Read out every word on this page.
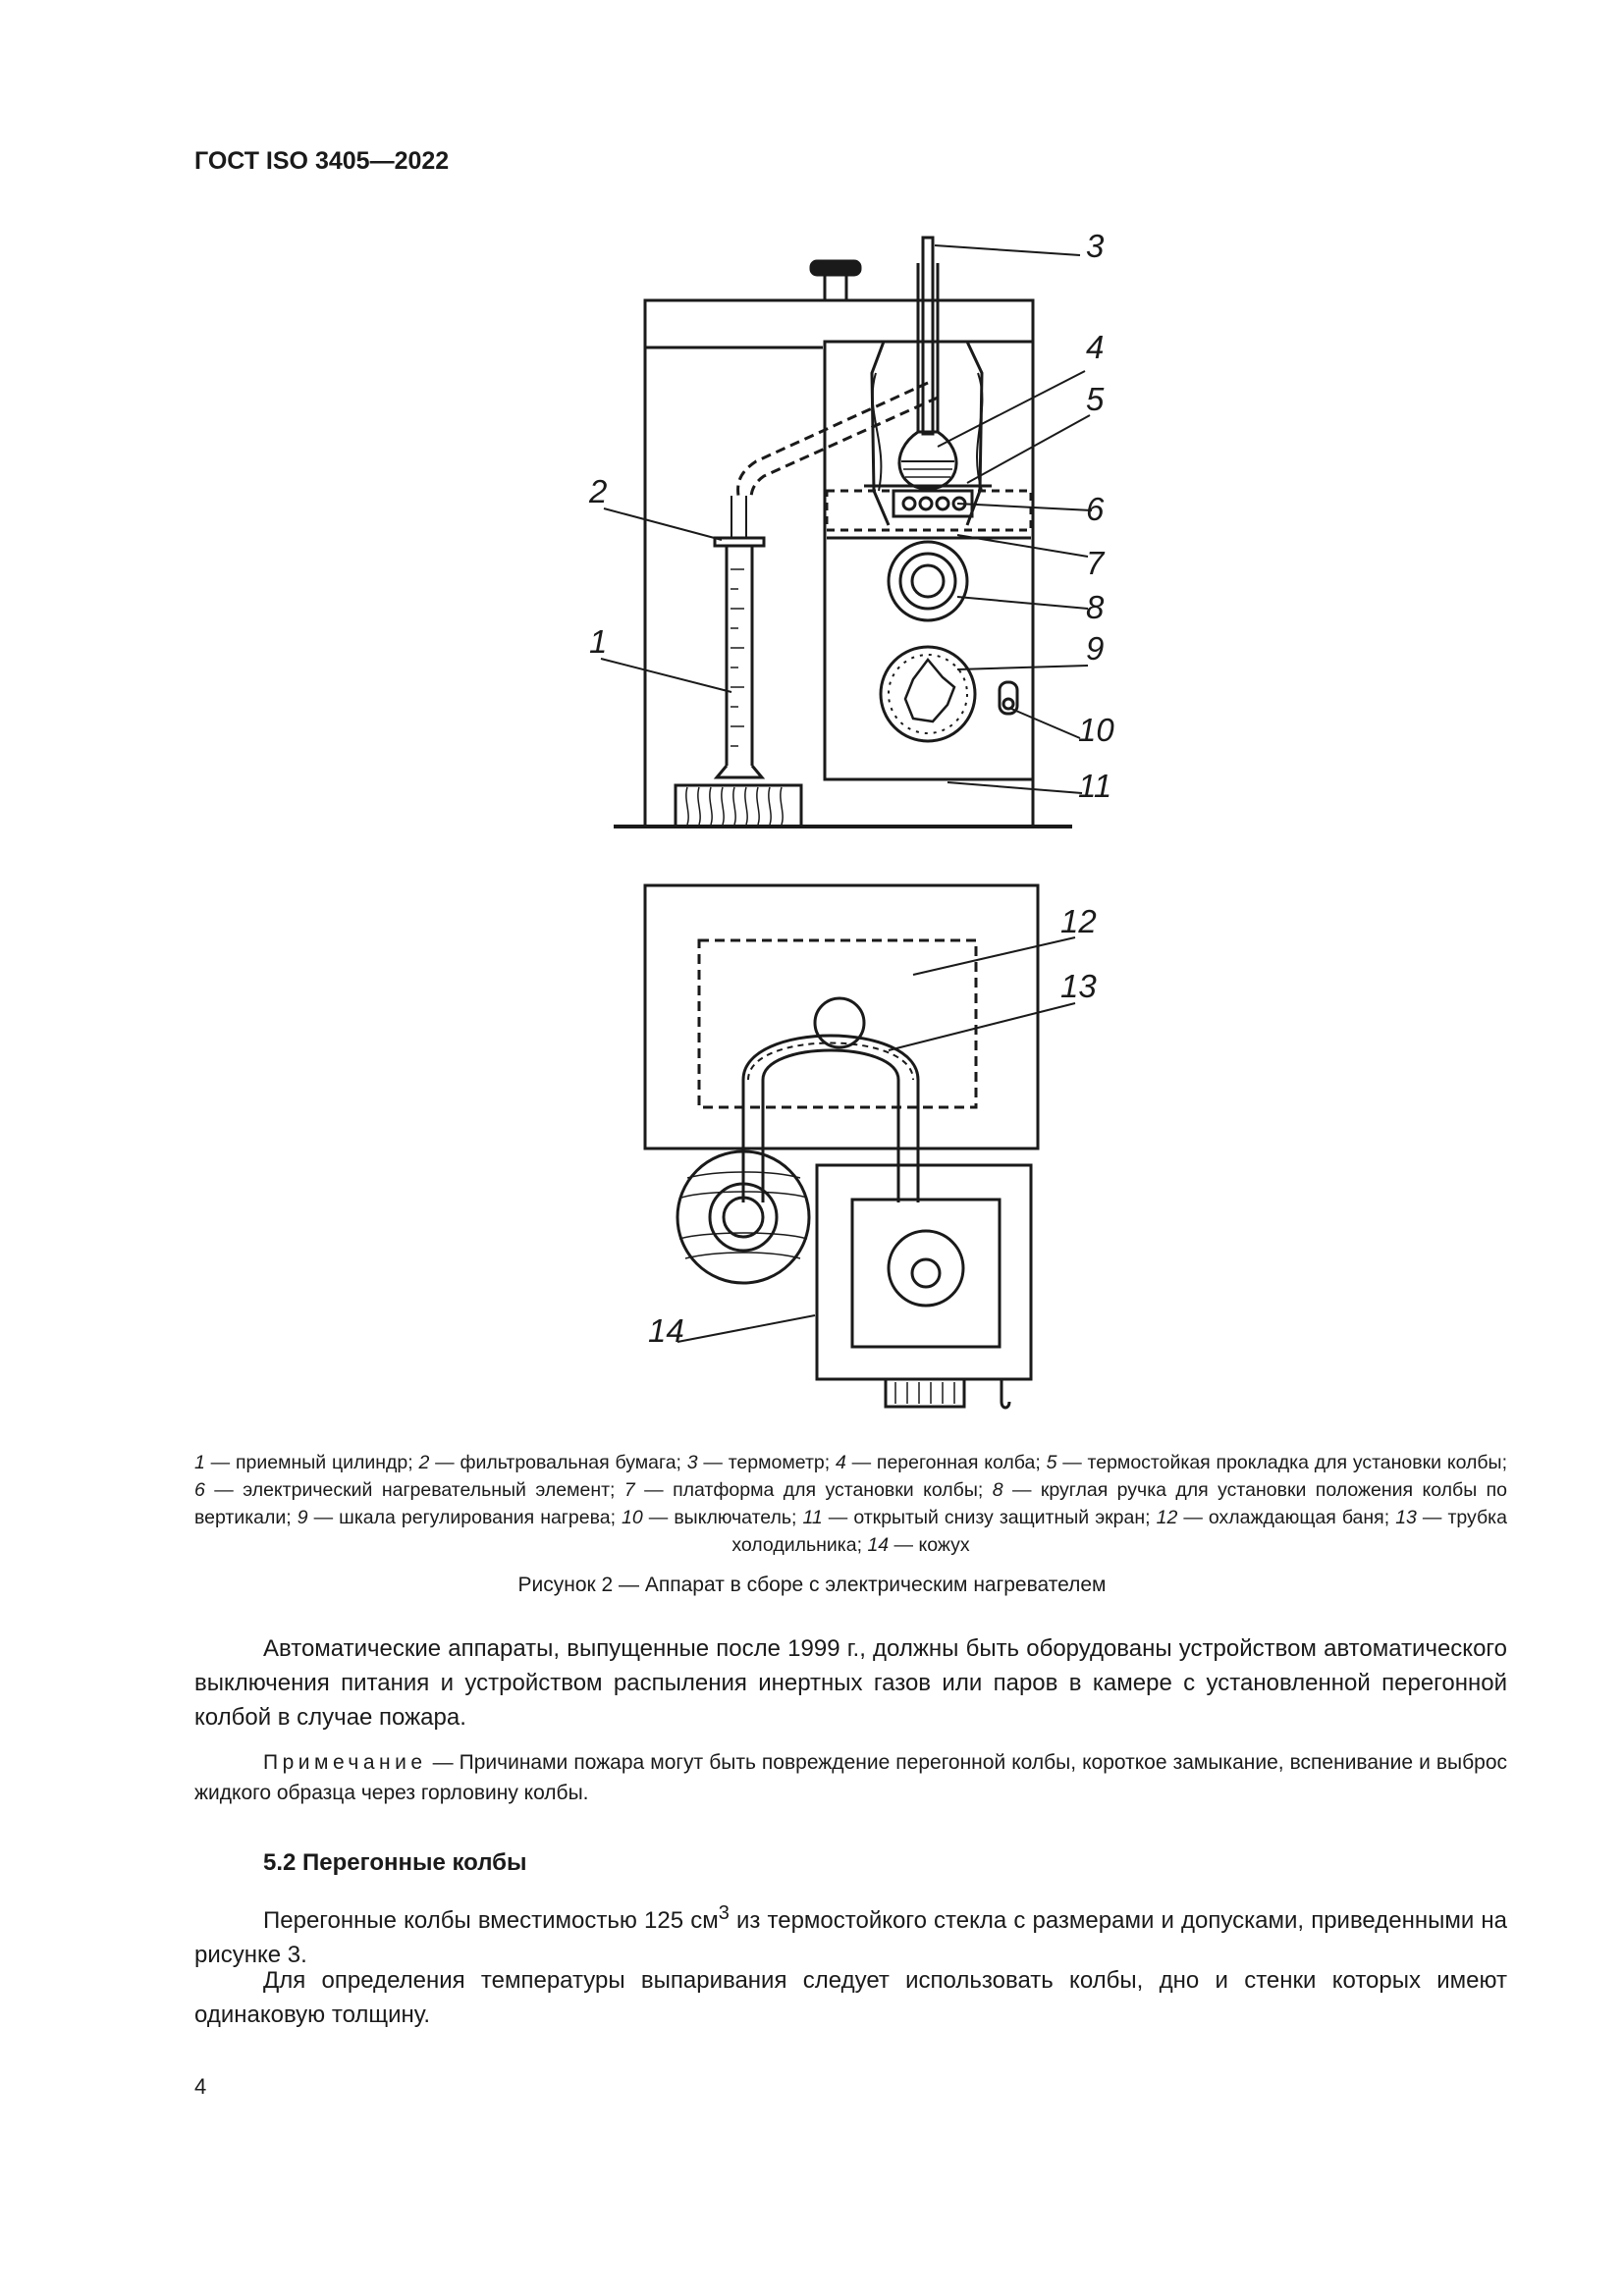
ГОСТ ISO 3405—2022
3
4
5
6
7
8
9
10
11
2
1
12
13
14
1 — приемный цилиндр; 2 — фильтровальная бумага; 3 — термометр; 4 — перегонная колба; 5 — термостойкая прокладка для установки колбы; 6 — электрический нагревательный элемент; 7 — платформа для установки колбы; 8 — круглая ручка для установки положения колбы по вертикали; 9 — шкала регулирования нагрева; 10 — выключатель; 11 — открытый снизу защитный экран; 12 — охлаждающая баня; 13 — трубка холодильника; 14 — кожух
Рисунок 2 — Аппарат в сборе с электрическим нагревателем
Автоматические аппараты, выпущенные после 1999 г., должны быть оборудованы устройством автоматического выключения питания и устройством распыления инертных газов или паров в камере с установленной перегонной колбой в случае пожара.
Примечание — Причинами пожара могут быть повреждение перегонной колбы, короткое замыкание, вспенивание и выброс жидкого образца через горловину колбы.
5.2 Перегонные колбы
Перегонные колбы вместимостью 125 $см^3$ из термостойкого стекла с размерами и допусками, приведенными на рисунке 3.
Для определения температуры выпаривания следует использовать колбы, дно и стенки которых имеют одинаковую толщину.
4
